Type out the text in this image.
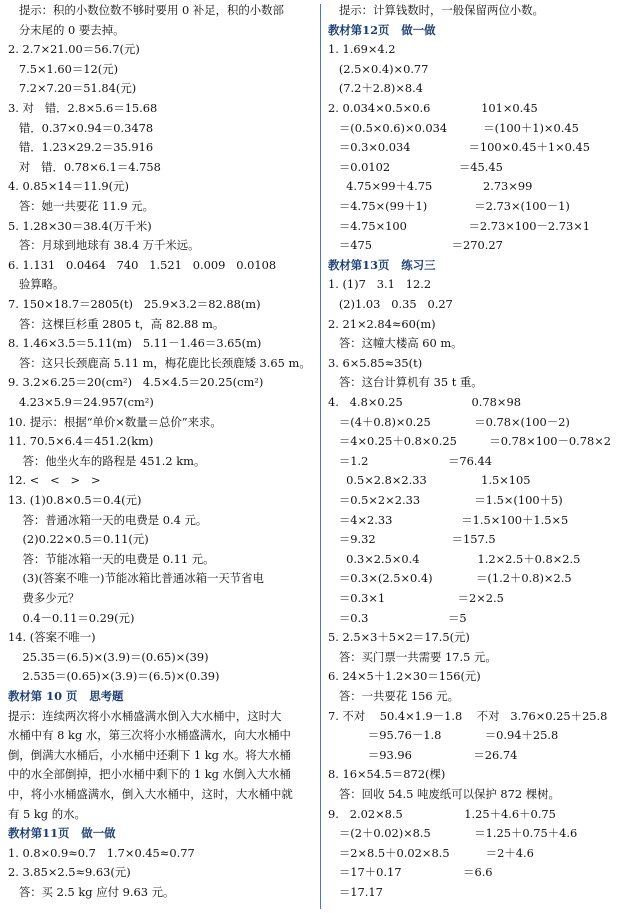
提示：积的小数位数不够时要用 0 补足，积的小数部
分末尾的 0 要去掉。
2. 2.7×21.00＝56.7(元)
7.5×1.60＝12(元)
7.2×7.20＝51.84(元)
3. 对   错．2.8×5.6＝15.68
错．0.37×0.94＝0.3478
错．1.23×29.2＝35.916
对   错．0.78×6.1＝4.758
4. 0.85×14＝11.9(元)
答：她一共要花 11.9 元。
5. 1.28×30＝38.4(万千米)
答：月球到地球有 38.4 万千米远。
6. 1.131   0.0464   740   1.521   0.009   0.0108
验算略。
7. 150×18.7＝2805(t)   25.9×3.2＝82.88(m)
答：这棵巨杉重 2805 t，高 82.88 m。
8. 1.46×3.5＝5.11(m)   5.11－1.46＝3.65(m)
答：这只长颈鹿高 5.11 m，梅花鹿比长颈鹿矮 3.65 m。
9. 3.2×6.25＝20(cm²)   4.5×4.5＝20.25(cm²)
4.23×5.9＝24.957(cm²)
10. 提示：根据“单价×数量＝总价”来求。
11. 70.5×6.4＝451.2(km)
答：他坐火车的路程是 451.2 km。
12. <   <   >   >
13. (1)0.8×0.5＝0.4(元)
答：普通冰箱一天的电费是 0.4 元。
(2)0.22×0.5＝0.11(元)
答：节能冰箱一天的电费是 0.11 元。
(3)(答案不唯一)节能冰箱比普通冰箱一天节省电
费多少元？
0.4－0.11＝0.29(元)
14. (答案不唯一)
25.35＝(6.5)×(3.9)＝(0.65)×(39)
2.535＝(0.65)×(3.9)＝(6.5)×(0.39)
教材第 10 页   思考题
提示：连续两次将小水桶盛满水倒入大水桶中，这时大
水桶中有 8 kg 水，第三次将小水桶盛满水，向大水桶中
倒，倒满大水桶后，小水桶中还剩下 1 kg 水。将大水桶
中的水全部倒掉，把小水桶中剩下的 1 kg 水倒入大水桶
中，将小水桶盛满水，倒入大水桶中，这时，大水桶中就
有 5 kg 的水。
教材第11页   做一做
1. 0.8×0.9≈0.7   1.7×0.45≈0.77
2. 3.85×2.5≈9.63(元)
答：买 2.5 kg 应付 9.63 元。
提示：计算钱数时，一般保留两位小数。
教材第12页   做一做
1. 1.69×4.2
(2.5×0.4)×0.77
(7.2＋2.8)×8.4
2. 0.034×0.5×0.6              101×0.45
＝(0.5×0.6)×0.034          ＝(100＋1)×0.45
＝0.3×0.034                ＝100×0.45＋1×0.45
＝0.0102                   ＝45.45
4.75×99＋4.75              2.73×99
＝4.75×(99＋1)             ＝2.73×(100－1)
＝4.75×100                 ＝2.73×100－2.73×1
＝475                      ＝270.27
教材第13页   练习三
1. (1)7   3.1   12.2
(2)1.03   0.35   0.27
2. 21×2.84≈60(m)
答：这幢大楼高 60 m。
3. 6×5.85≈35(t)
答：这台计算机有 35 t 重。
4.   4.8×0.25                   0.78×98
＝(4＋0.8)×0.25            ＝0.78×(100－2)
＝4×0.25＋0.8×0.25         ＝0.78×100－0.78×2
＝1.2                      ＝76.44
0.5×2.8×2.33               1.5×105
＝0.5×2×2.33               ＝1.5×(100＋5)
＝4×2.33                   ＝1.5×100＋1.5×5
＝9.32                     ＝157.5
0.3×2.5×0.4                1.2×2.5＋0.8×2.5
＝0.3×(2.5×0.4)            ＝(1.2＋0.8)×2.5
＝0.3×1                    ＝2×2.5
＝0.3                      ＝5
5. 2.5×3＋5×2＝17.5(元)
答：买门票一共需要 17.5 元。
6. 24×5＋1.2×30＝156(元)
答：一共要花 156 元。
7. 不对    50.4×1.9－1.8    不对   3.76×0.25＋25.8
＝95.76－1.8            ＝0.94＋25.8
＝93.96                 ＝26.74
8. 16×54.5＝872(棵)
答：回收 54.5 吨废纸可以保护 872 棵树。
9.   2.02×8.5                 1.25＋4.6＋0.75
＝(2＋0.02)×8.5            ＝1.25＋0.75＋4.6
＝2×8.5＋0.02×8.5          ＝2＋4.6
＝17＋0.17                 ＝6.6
＝17.17
